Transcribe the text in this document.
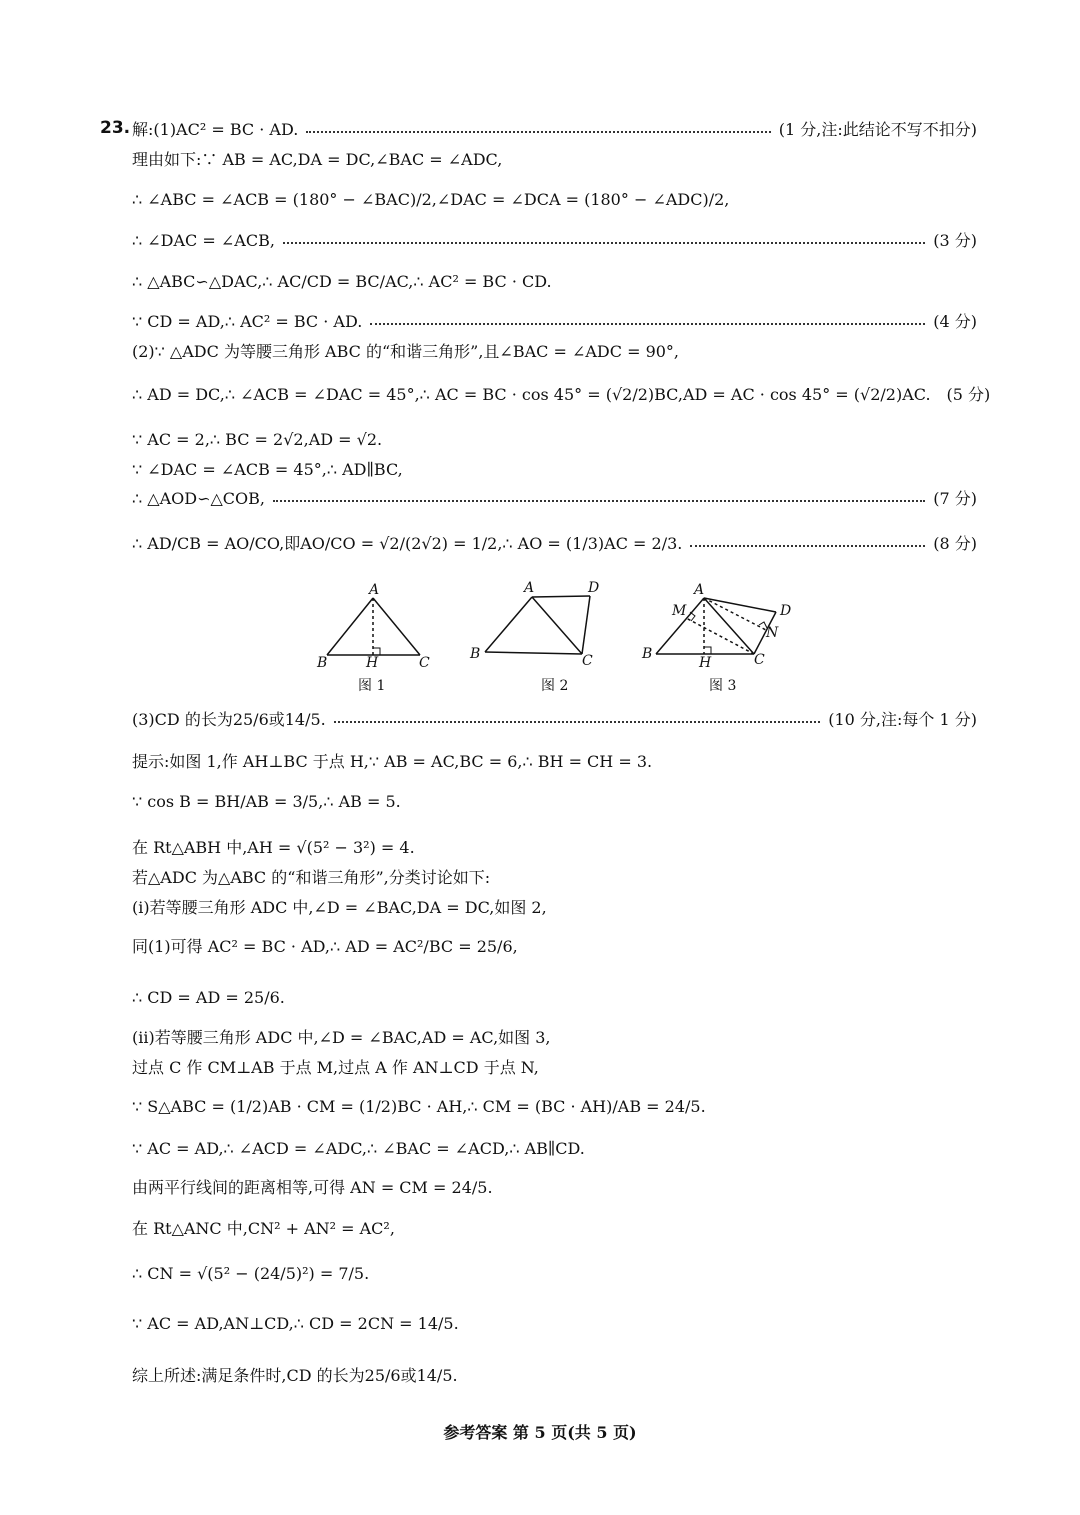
23. 解:(1)AC² = BC · AD.	(1 分,注:此结论不写不扣分)
理由如下:∵ AB = AC,DA = DC,∠BAC = ∠ADC,
∴ ∠ABC = ∠ACB = (180° − ∠BAC)/2,∠DAC = ∠DCA = (180° − ∠ADC)/2,
∴ ∠DAC = ∠ACB,	(3 分)
∴ △ABC∽△DAC,∴ AC/CD = BC/AC,∴ AC² = BC · CD.
∵ CD = AD,∴ AC² = BC · AD.	(4 分)
(2)∵ △ADC 为等腰三角形 ABC 的“和谐三角形”,且∠BAC = ∠ADC = 90°,
∴ AD = DC,∴ ∠ACB = ∠DAC = 45°,∴ AC = BC · cos 45° = (√2/2)BC,AD = AC · cos 45° = (√2/2)AC. (5 分)
∵ AC = 2,∴ BC = 2√2,AD = √2.
∵ ∠DAC = ∠ACB = 45°,∴ AD∥BC,
∴ △AOD∽△COB,	(7 分)
∴ AD/CB = AO/CO,即AO/CO = √2/(2√2) = 1/2,∴ AO = (1/3)AC = 2/3.	(8 分)
A
B	H	C
图 1
A	D
B	C
图 2
A
M	D
N
B
H	C
图 3
(3)CD 的长为25/6或14/5.	(10 分,注:每个 1 分)
提示:如图 1,作 AH⊥BC 于点 H,∵ AB = AC,BC = 6,∴ BH = CH = 3.
∵ cos B = BH/AB = 3/5,∴ AB = 5.
在 Rt△ABH 中,AH = √(5² − 3²) = 4.
若△ADC 为△ABC 的“和谐三角形”,分类讨论如下:
(ⅰ)若等腰三角形 ADC 中,∠D = ∠BAC,DA = DC,如图 2,
同(1)可得 AC² = BC · AD,∴ AD = AC²/BC = 25/6,
∴ CD = AD = 25/6.
(ⅱ)若等腰三角形 ADC 中,∠D = ∠BAC,AD = AC,如图 3,
过点 C 作 CM⊥AB 于点 M,过点 A 作 AN⊥CD 于点 N,
∵ S△ABC = (1/2)AB · CM = (1/2)BC · AH,∴ CM = (BC · AH)/AB = 24/5.
∵ AC = AD,∴ ∠ACD = ∠ADC,∴ ∠BAC = ∠ACD,∴ AB∥CD.
由两平行线间的距离相等,可得 AN = CM = 24/5.
在 Rt△ANC 中,CN² + AN² = AC²,
∴ CN = √(5² − (24/5)²) = 7/5.
∵ AC = AD,AN⊥CD,∴ CD = 2CN = 14/5.
综上所述:满足条件时,CD 的长为25/6或14/5.
参考答案 第 5 页(共 5 页)
